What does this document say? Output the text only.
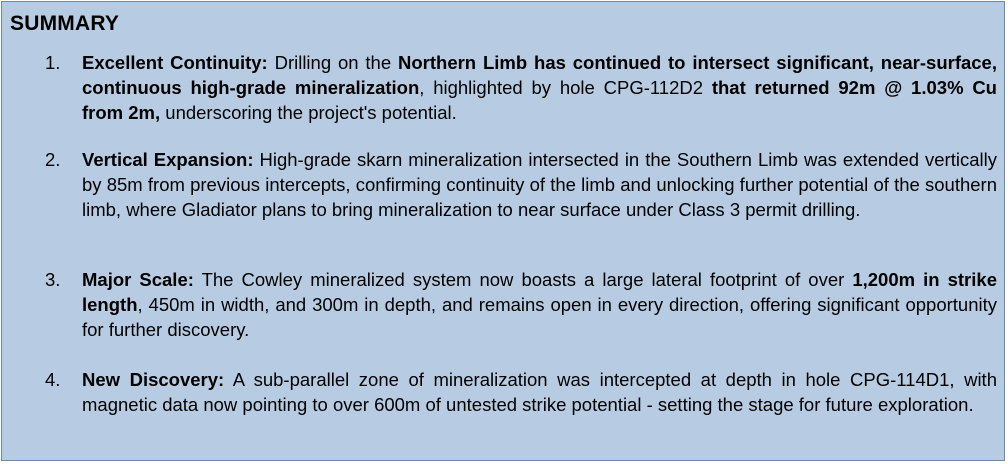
SUMMARY
1. Excellent Continuity: Drilling on the Northern Limb has continued to intersect significant, near-surface, continuous high-grade mineralization, highlighted by hole CPG-112D2 that returned 92m @ 1.03% Cu from 2m, underscoring the project's potential.
2. Vertical Expansion: High-grade skarn mineralization intersected in the Southern Limb was extended vertically by 85m from previous intercepts, confirming continuity of the limb and unlocking further potential of the southern limb, where Gladiator plans to bring mineralization to near surface under Class 3 permit drilling.
3. Major Scale: The Cowley mineralized system now boasts a large lateral footprint of over 1,200m in strike length, 450m in width, and 300m in depth, and remains open in every direction, offering significant opportunity for further discovery.
4. New Discovery: A sub-parallel zone of mineralization was intercepted at depth in hole CPG-114D1, with magnetic data now pointing to over 600m of untested strike potential - setting the stage for future exploration.
